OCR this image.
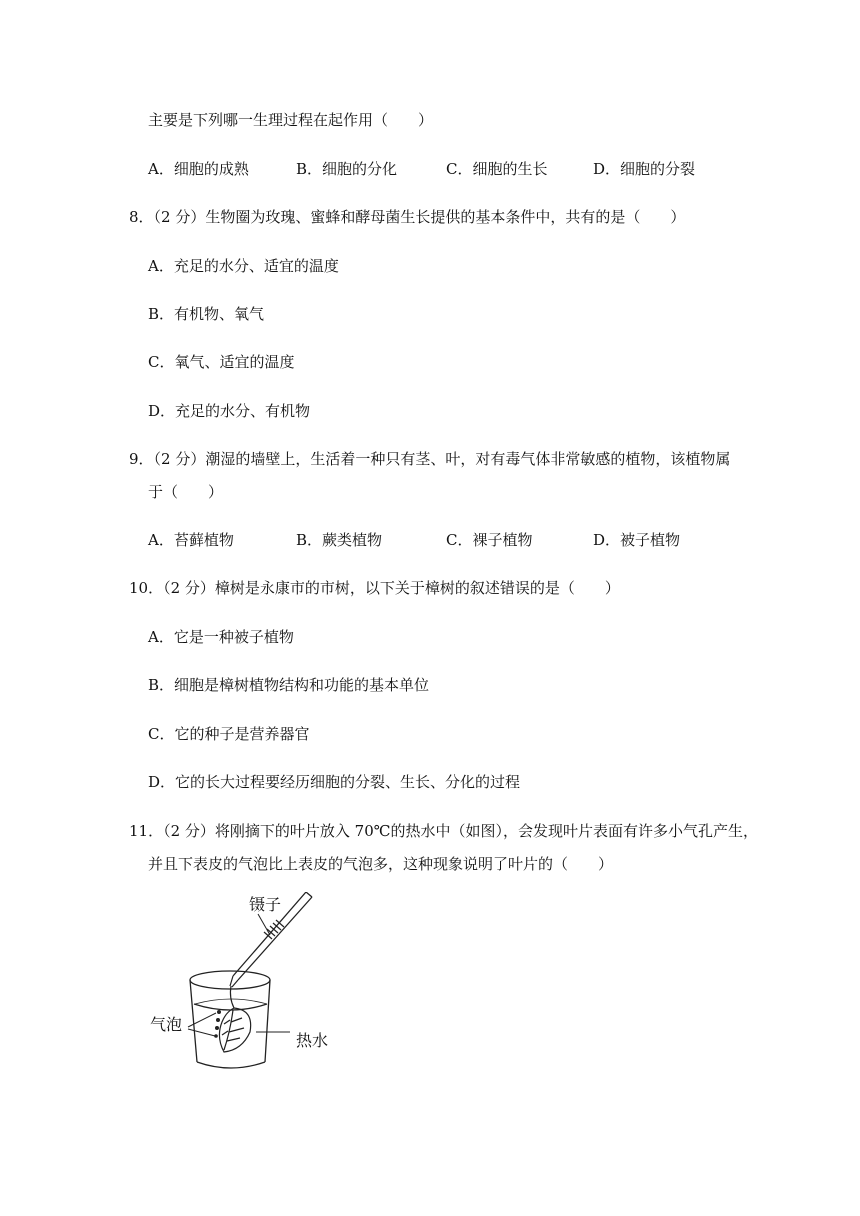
主要是下列哪一生理过程在起作用（　　）
A．细胞的成熟	B．细胞的分化	C．细胞的生长	D．细胞的分裂
8．（2 分）生物圈为玫瑰、蜜蜂和酵母菌生长提供的基本条件中，共有的是（　　）
A．充足的水分、适宜的温度
B．有机物、氧气
C．氧气、适宜的温度
D．充足的水分、有机物
9．（2 分）潮湿的墙壁上，生活着一种只有茎、叶，对有毒气体非常敏感的植物，该植物属
于（　　）
A．苔藓植物	B．蕨类植物	C．裸子植物	D．被子植物
10．（2 分）樟树是永康市的市树，以下关于樟树的叙述错误的是（　　）
A．它是一种被子植物
B．细胞是樟树植物结构和功能的基本单位
C．它的种子是营养器官
D．它的长大过程要经历细胞的分裂、生长、分化的过程
11．（2 分）将刚摘下的叶片放入 70℃的热水中（如图），会发现叶片表面有许多小气孔产生，
并且下表皮的气泡比上表皮的气泡多，这种现象说明了叶片的（　　）
镊子
气泡
热水
